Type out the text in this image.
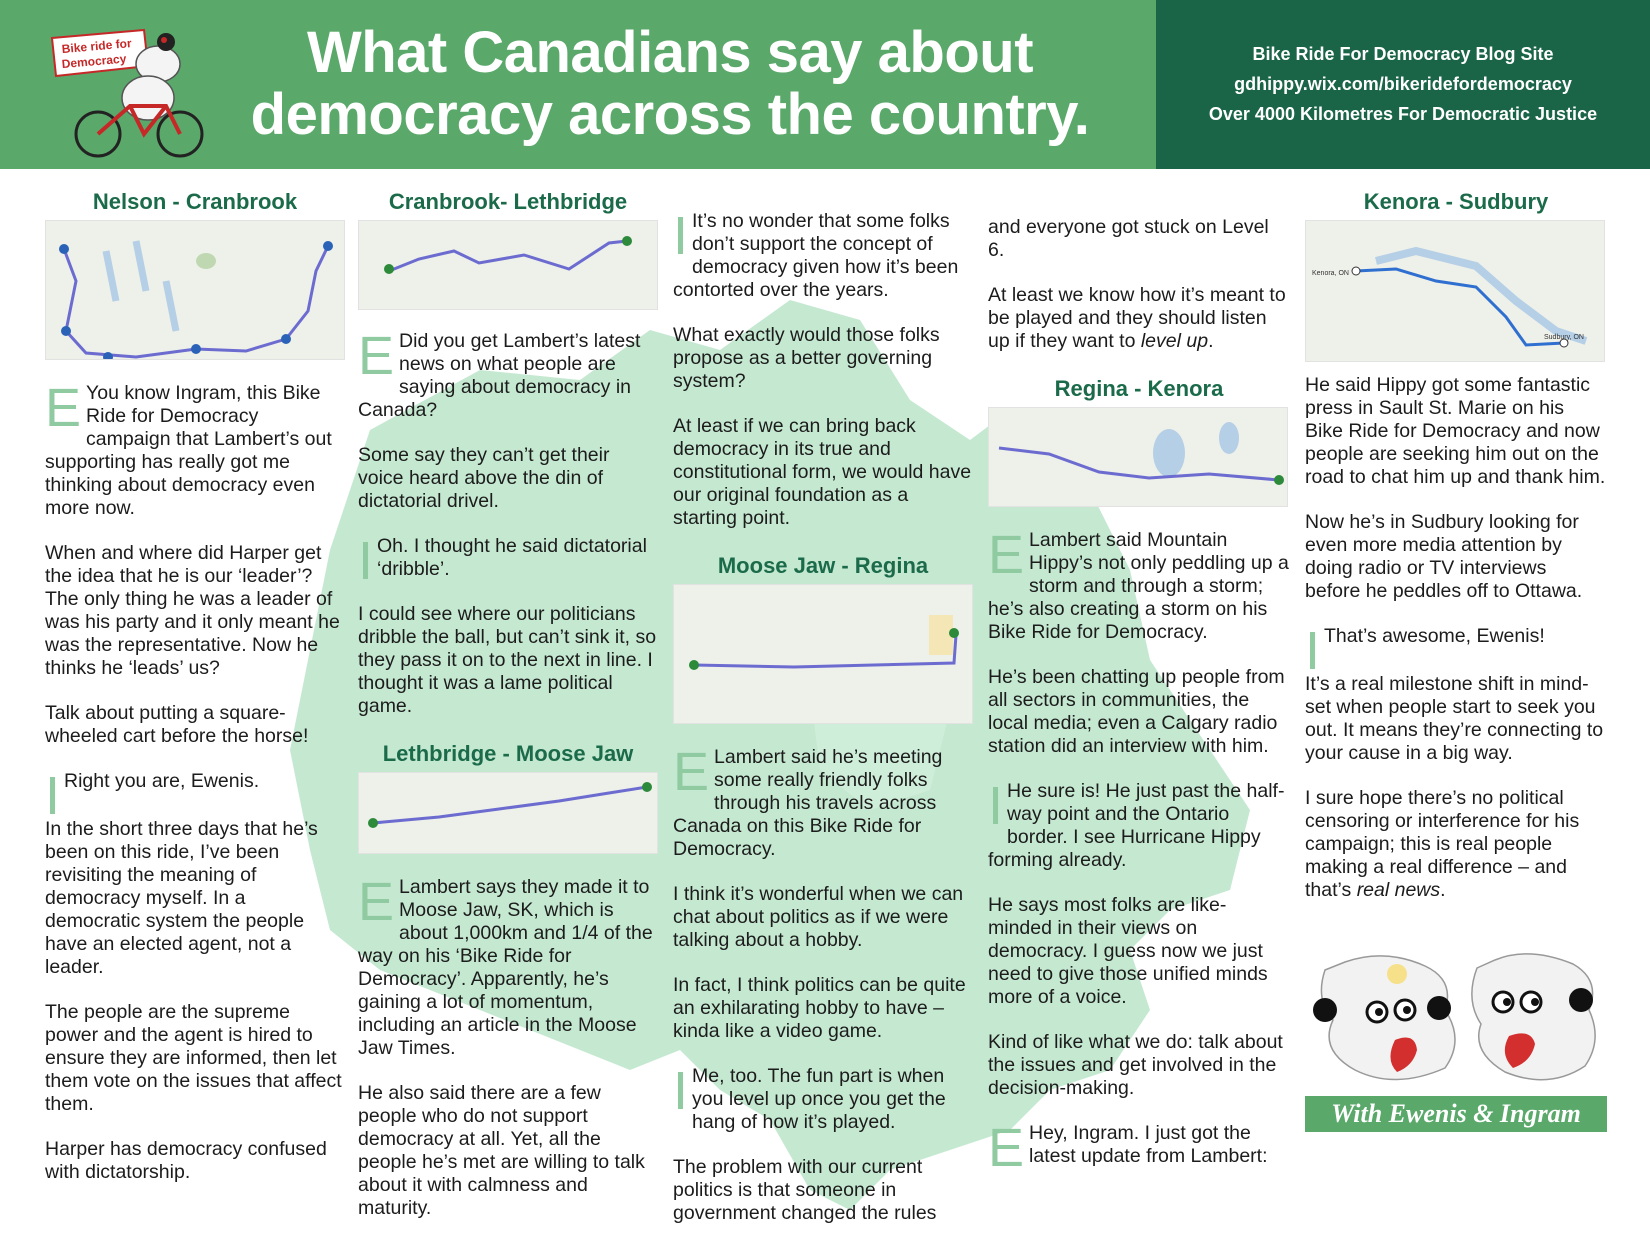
Bike ride for
Democracy	What Canadians say about
democracy across the country.
Bike Ride For Democracy Blog Site
gdhippy.wix.com/bikeridefordemocracy
Over 4000 Kilometres For Democratic Justice
Nelson - Cranbrook

E You know Ingram, this Bike Ride for Democracy campaign that Lambert’s out supporting has really got me thinking about democracy even more now.

When and where did Harper get the idea that he is our ‘leader’? The only thing he was a leader of was his party and it only meant he was the representative. Now he thinks he ‘leads’ us?

Talk about putting a square-wheeled cart before the horse!

I Right you are, Ewenis.

In the short three days that he’s been on this ride, I’ve been revisiting the meaning of democracy myself. In a democratic system the people have an elected agent, not a leader.

The people are the supreme power and the agent is hired to ensure they are informed, then let them vote on the issues that affect them.

Harper has democracy confused with dictatorship.

Cranbrook- Lethbridge

E Did you get Lambert’s latest news on what people are saying about democracy in Canada?

Some say they can’t get their voice heard above the din of dictatorial drivel.

I Oh. I thought he said dictatorial ‘dribble’.

I could see where our politicians dribble the ball, but can’t sink it, so they pass it on to the next in line. I thought it was a lame political game.

Lethbridge - Moose Jaw

E Lambert says they made it to Moose Jaw, SK, which is about 1,000km and 1/4 of the way on his ‘Bike Ride for Democracy’. Apparently, he’s gaining a lot of momentum, including an article in the Moose Jaw Times.

He also said there are a few people who do not support democracy at all. Yet, all the people he’s met are willing to talk about it with calmness and maturity.

I It’s no wonder that some folks don’t support the concept of democracy given how it’s been contorted over the years.

What exactly would those folks propose as a better governing system?

At least if we can bring back democracy in its true and constitutional form, we would have our original foundation as a starting point.

Moose Jaw - Regina

E Lambert said he’s meeting some really friendly folks through his travels across Canada on this Bike Ride for Democracy.

I think it’s wonderful when we can chat about politics as if we were talking about a hobby.

In fact, I think politics can be quite an exhilarating hobby to have – kinda like a video game.

I Me, too. The fun part is when you level up once you get the hang of how it’s played.

The problem with our current politics is that someone in government changed the rules

and everyone got stuck on Level 6.

At least we know how it’s meant to be played and they should listen up if they want to level up.

Regina - Kenora

E Lambert said Mountain Hippy’s not only peddling up a storm and through a storm; he’s also creating a storm on his Bike Ride for Democracy.

He’s been chatting up people from all sectors in communities, the local media; even a Calgary radio station did an interview with him.

I He sure is! He just past the half-way point and the Ontario border. I see Hurricane Hippy forming already.

He says most folks are like-minded in their views on democracy. I guess now we just need to give those unified minds more of a voice.

Kind of like what we do: talk about the issues and get involved in the decision-making.

E Hey, Ingram. I just got the latest update from Lambert:

Kenora - Sudbury
Kenora, ON
Sudbury, ON

He said Hippy got some fantastic press in Sault St. Marie on his Bike Ride for Democracy and now people are seeking him out on the road to chat him up and thank him.

Now he’s in Sudbury looking for even more media attention by doing radio or TV interviews before he peddles off to Ottawa.

I That’s awesome, Ewenis!

It’s a real milestone shift in mind-set when people start to seek you out. It means they’re connecting to your cause in a big way.

I sure hope there’s no political censoring or interference for his campaign; this is real people making a real difference – and that’s real news.

With Ewenis & Ingram
